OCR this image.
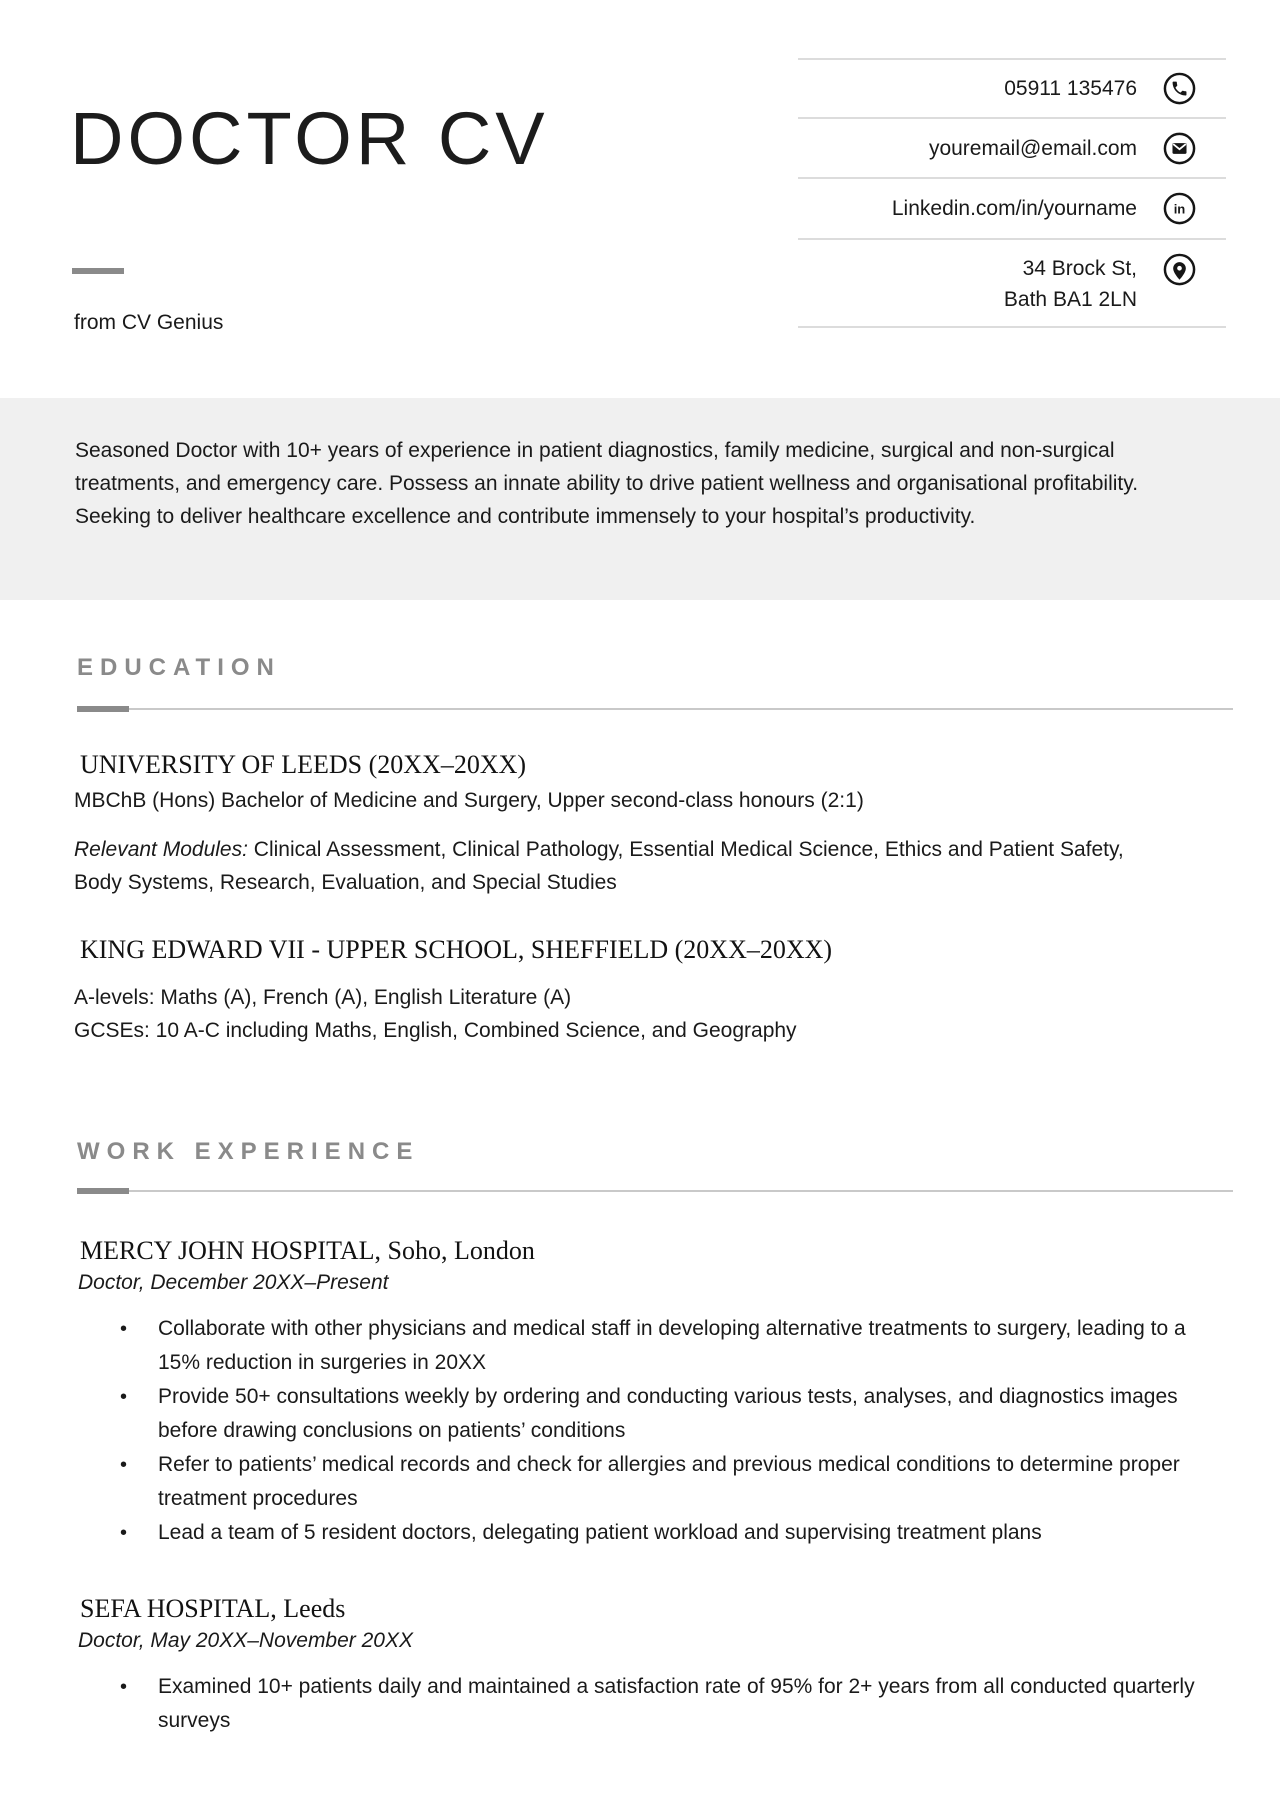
DOCTOR CV
from CV Genius
05911 135476
youremail@email.com
Linkedin.com/in/yourname	in
34 Brock St,
Bath BA1 2LN
Seasoned Doctor with 10+ years of experience in patient diagnostics, family medicine, surgical and non-surgical treatments, and emergency care. Possess an innate ability to drive patient wellness and organisational profitability. Seeking to deliver healthcare excellence and contribute immensely to your hospital’s productivity.
EDUCATION
UNIVERSITY OF LEEDS (20XX–20XX)
MBChB (Hons) Bachelor of Medicine and Surgery, Upper second-class honours (2:1)
Relevant Modules: Clinical Assessment, Clinical Pathology, Essential Medical Science, Ethics and Patient Safety, Body Systems, Research, Evaluation, and Special Studies
KING EDWARD VII - UPPER SCHOOL, SHEFFIELD (20XX–20XX)
A-levels: Maths (A), French (A), English Literature (A)
GCSEs: 10 A-C including Maths, English, Combined Science, and Geography
WORK EXPERIENCE
MERCY JOHN HOSPITAL, Soho, London
Doctor, December 20XX–Present
• Collaborate with other physicians and medical staff in developing alternative treatments to surgery, leading to a 15% reduction in surgeries in 20XX
• Provide 50+ consultations weekly by ordering and conducting various tests, analyses, and diagnostics images before drawing conclusions on patients’ conditions
• Refer to patients’ medical records and check for allergies and previous medical conditions to determine proper treatment procedures
• Lead a team of 5 resident doctors, delegating patient workload and supervising treatment plans
SEFA HOSPITAL, Leeds
Doctor, May 20XX–November 20XX
• Examined 10+ patients daily and maintained a satisfaction rate of 95% for 2+ years from all conducted quarterly surveys
